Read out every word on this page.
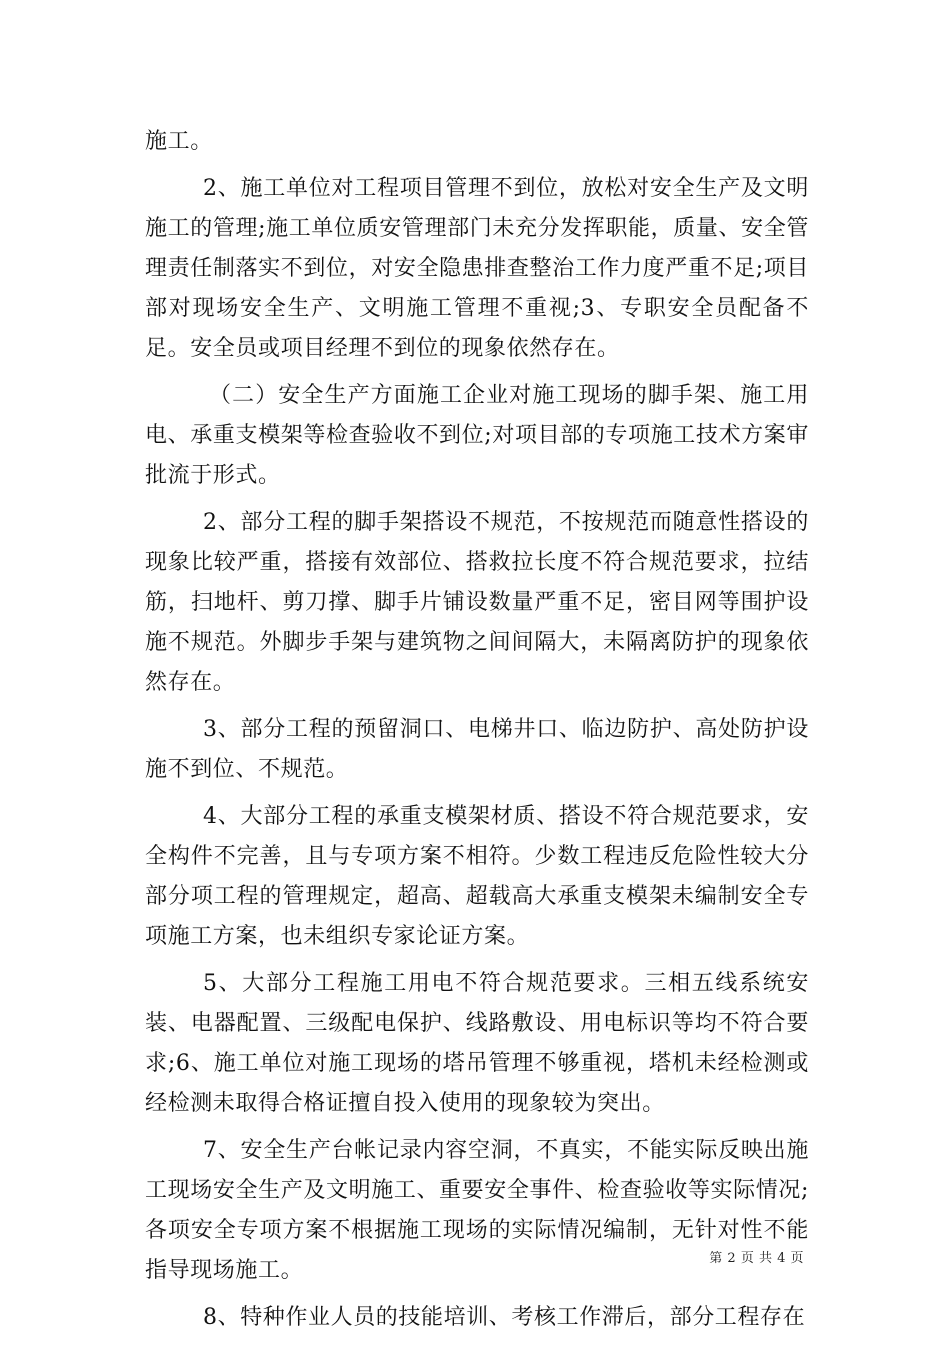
施工。

2、施工单位对工程项目管理不到位，放松对安全生产及文明施工的管理;施工单位质安管理部门未充分发挥职能，质量、安全管理责任制落实不到位，对安全隐患排查整治工作力度严重不足;项目部对现场安全生产、文明施工管理不重视;3、专职安全员配备不足。安全员或项目经理不到位的现象依然存在。

（二）安全生产方面施工企业对施工现场的脚手架、施工用电、承重支模架等检查验收不到位;对项目部的专项施工技术方案审批流于形式。

2、部分工程的脚手架搭设不规范，不按规范而随意性搭设的现象比较严重，搭接有效部位、搭救拉长度不符合规范要求，拉结筋，扫地杆、剪刀撑、脚手片铺设数量严重不足，密目网等围护设施不规范。外脚步手架与建筑物之间间隔大，未隔离防护的现象依然存在。

3、部分工程的预留洞口、电梯井口、临边防护、高处防护设施不到位、不规范。

4、大部分工程的承重支模架材质、搭设不符合规范要求，安全构件不完善，且与专项方案不相符。少数工程违反危险性较大分部分项工程的管理规定，超高、超载高大承重支模架未编制安全专项施工方案，也未组织专家论证方案。

5、大部分工程施工用电不符合规范要求。三相五线系统安装、电器配置、三级配电保护、线路敷设、用电标识等均不符合要求;6、施工单位对施工现场的塔吊管理不够重视，塔机未经检测或经检测未取得合格证擅自投入使用的现象较为突出。

7、安全生产台帐记录内容空洞，不真实，不能实际反映出施工现场安全生产及文明施工、重要安全事件、检查验收等实际情况;各项安全专项方案不根据施工现场的实际情况编制，无针对性不能指导现场施工。

8、特种作业人员的技能培训、考核工作滞后，部分工程存在

第 2 页 共 4 页
